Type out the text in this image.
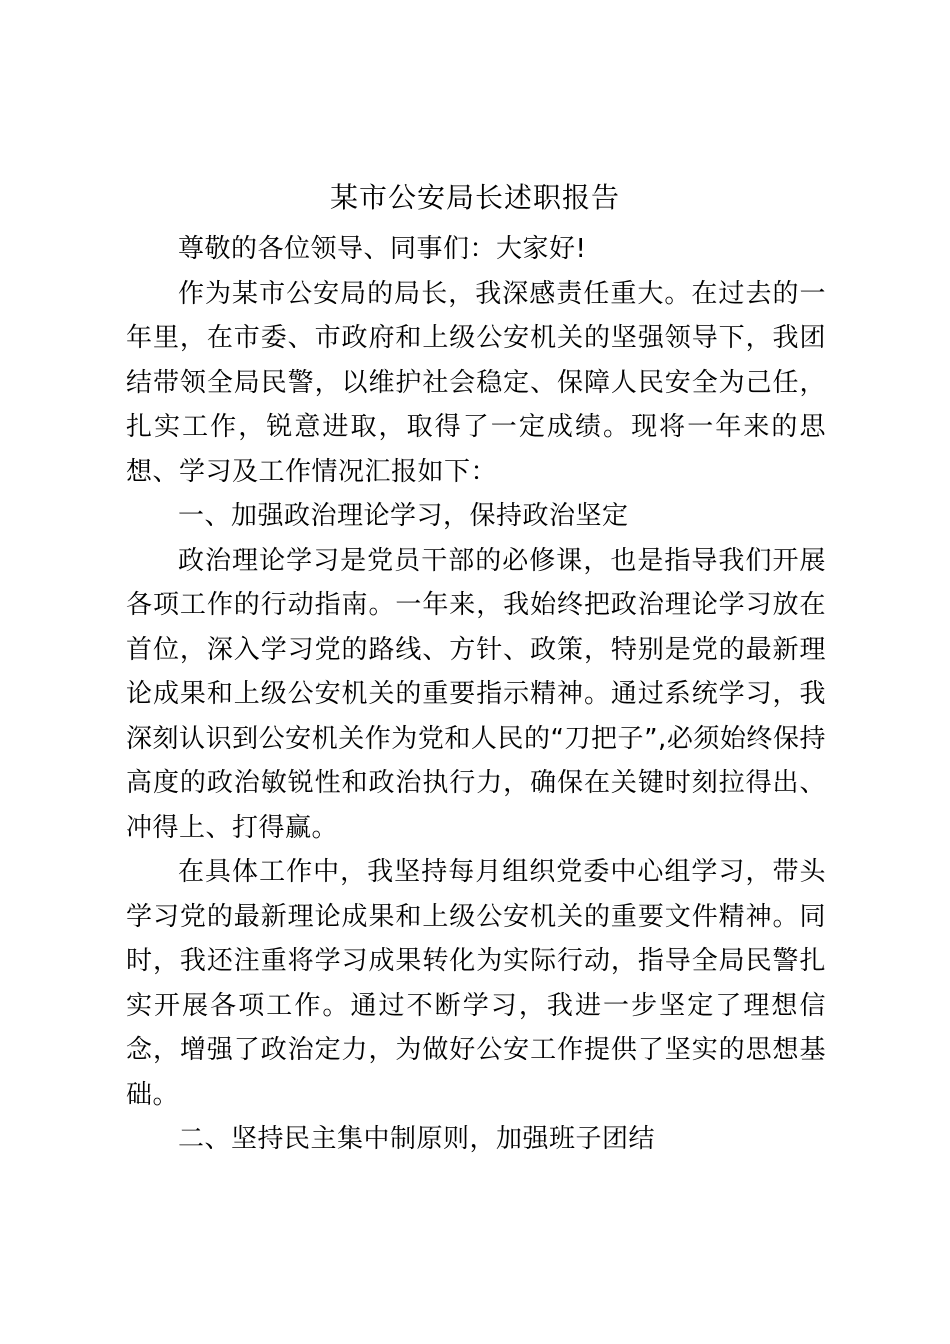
某市公安局长述职报告

尊敬的各位领导、同事们：大家好!

作为某市公安局的局长，我深感责任重大。在过去的一年里，在市委、市政府和上级公安机关的坚强领导下，我团结带领全局民警，以维护社会稳定、保障人民安全为己任，扎实工作，锐意进取，取得了一定成绩。现将一年来的思想、学习及工作情况汇报如下：

一、加强政治理论学习，保持政治坚定

政治理论学习是党员干部的必修课，也是指导我们开展各项工作的行动指南。一年来，我始终把政治理论学习放在首位，深入学习党的路线、方针、政策，特别是党的最新理论成果和上级公安机关的重要指示精神。通过系统学习，我深刻认识到公安机关作为党和人民的“刀把子”,必须始终保持高度的政治敏锐性和政治执行力，确保在关键时刻拉得出、冲得上、打得赢。

在具体工作中，我坚持每月组织党委中心组学习，带头学习党的最新理论成果和上级公安机关的重要文件精神。同时，我还注重将学习成果转化为实际行动，指导全局民警扎实开展各项工作。通过不断学习，我进一步坚定了理想信念，增强了政治定力，为做好公安工作提供了坚实的思想基础。

二、坚持民主集中制原则，加强班子团结
